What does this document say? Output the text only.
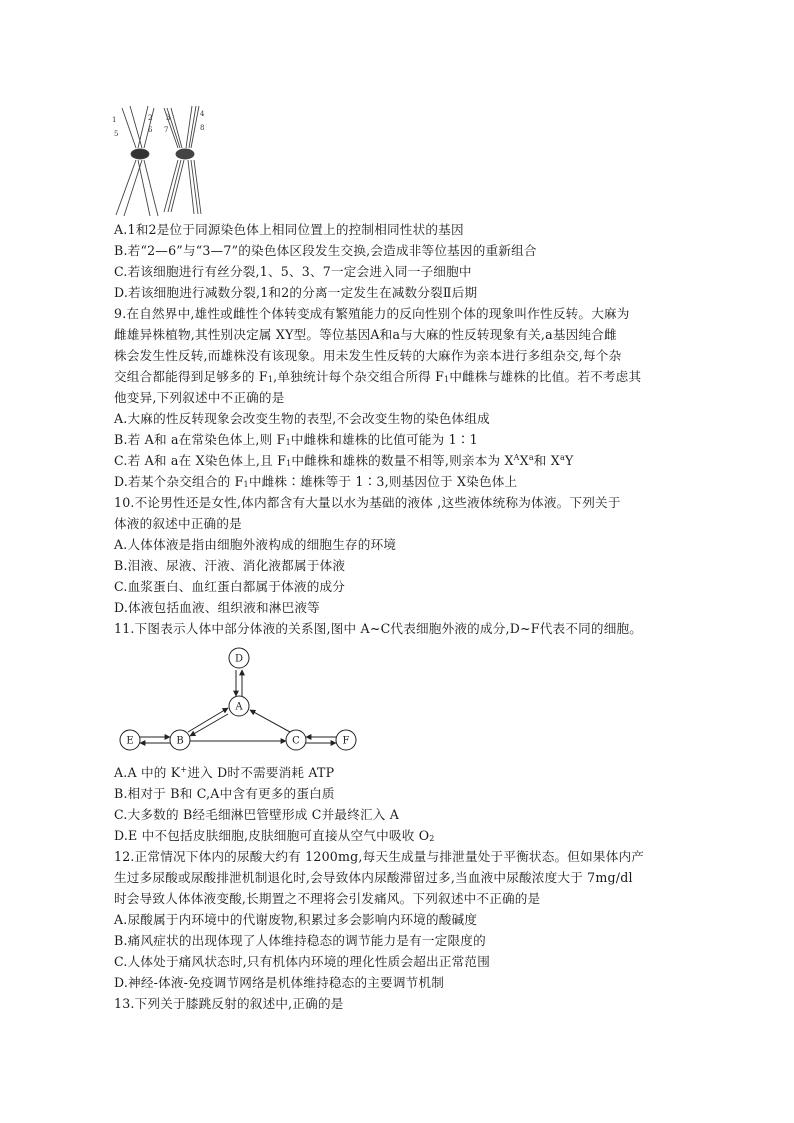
1
5
2
6
3
7
4
8
A.1和2是位于同源染色体上相同位置上的控制相同性状的基因
B.若“2—6”与“3—7”的染色体区段发生交换,会造成非等位基因的重新组合
C.若该细胞进行有丝分裂,1、5、3、7一定会进入同一子细胞中
D.若该细胞进行减数分裂,1和2的分离一定发生在减数分裂Ⅱ后期
9.在自然界中,雄性或雌性个体转变成有繁殖能力的反向性别个体的现象叫作性反转。大麻为
雌雄异株植物,其性别决定属 XY型。等位基因A和a与大麻的性反转现象有关,a基因纯合雌
株会发生性反转,而雄株没有该现象。用未发生性反转的大麻作为亲本进行多组杂交,每个杂
交组合都能得到足够多的 $F_1$,单独统计每个杂交组合所得 $F_1$中雌株与雄株的比值。若不考虑其
他变异,下列叙述中不正确的是
A.大麻的性反转现象会改变生物的表型,不会改变生物的染色体组成
B.若 A和 a在常染色体上,则 $F_1$中雌株和雄株的比值可能为 1∶1
C.若 A和 a在 X染色体上,且 $F_1$中雌株和雄株的数量不相等,则亲本为 $X^AX^a$和 $X^aY$
D.若某个杂交组合的 $F_1$中雌株∶雄株等于 1∶3,则基因位于 X染色体上
10.不论男性还是女性,体内都含有大量以水为基础的液体 ,这些液体统称为体液。下列关于
体液的叙述中正确的是
A.人体体液是指由细胞外液构成的细胞生存的环境
B.泪液、尿液、汗液、消化液都属于体液
C.血浆蛋白、血红蛋白都属于体液的成分
D.体液包括血液、组织液和淋巴液等
11.下图表示人体中部分体液的关系图,图中 A~C代表细胞外液的成分,D~F代表不同的细胞。
D
A
B	C
E	F
A.A 中的 K+进入 D时不需要消耗 ATP
B.相对于 B和 C,A中含有更多的蛋白质
C.大多数的 B经毛细淋巴管壁形成 C并最终汇入 A
D.E 中不包括皮肤细胞,皮肤细胞可直接从空气中吸收 $O_2$
12.正常情况下体内的尿酸大约有 1200mg,每天生成量与排泄量处于平衡状态。但如果体内产
生过多尿酸或尿酸排泄机制退化时,会导致体内尿酸滞留过多,当血液中尿酸浓度大于 7mg/dl
时会导致人体体液变酸,长期置之不理将会引发痛风。下列叙述中不正确的是
A.尿酸属于内环境中的代谢废物,积累过多会影响内环境的酸碱度
B.痛风症状的出现体现了人体维持稳态的调节能力是有一定限度的
C.人体处于痛风状态时,只有机体内环境的理化性质会超出正常范围
D.神经-体液-免疫调节网络是机体维持稳态的主要调节机制
13.下列关于膝跳反射的叙述中,正确的是
